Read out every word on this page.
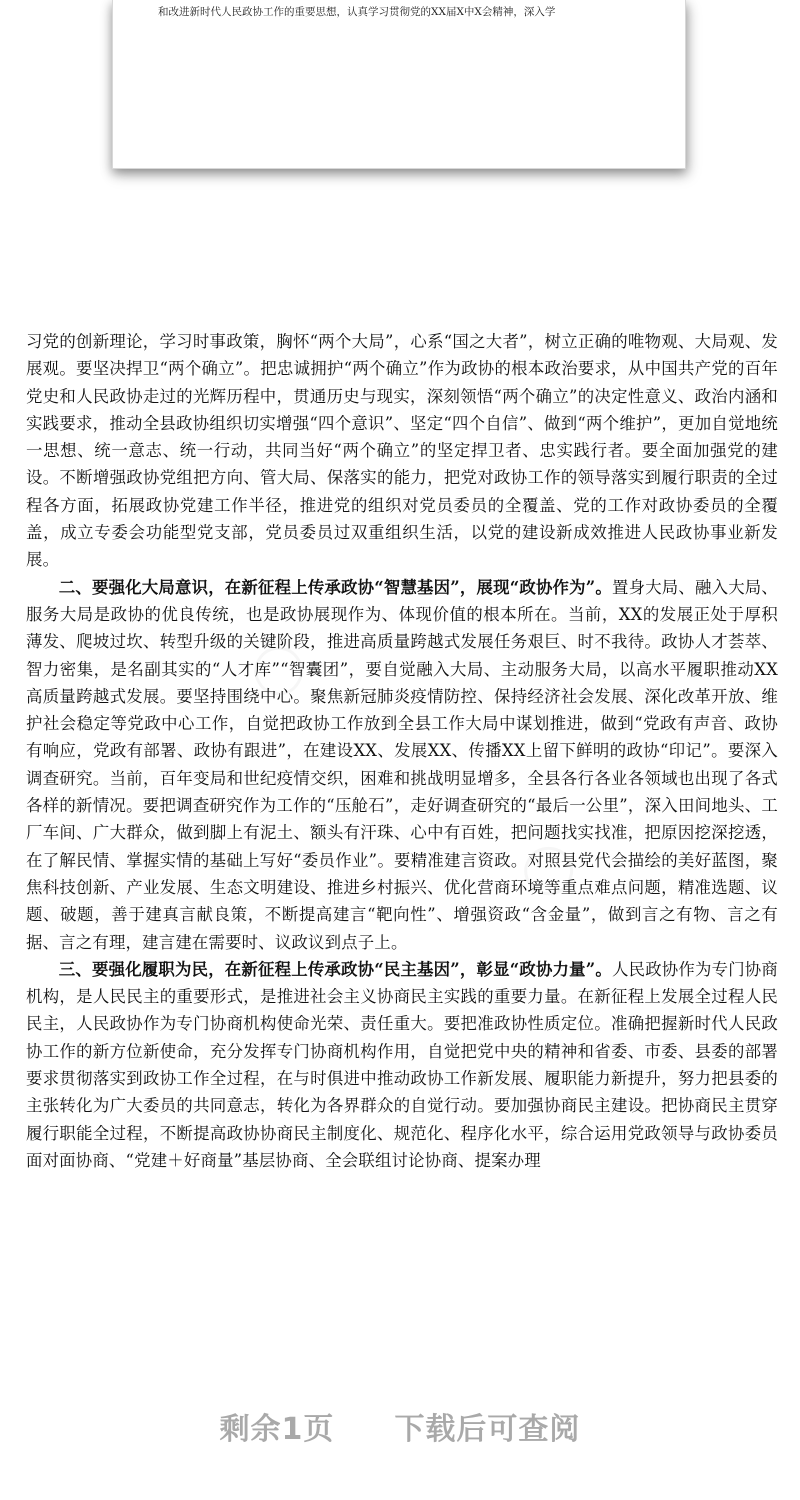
和改进新时代人民政协工作的重要思想，认真学习贯彻党的XX届X中X会精神，深入学

习党的创新理论，学习时事政策，胸怀“两个大局”，心系“国之大者”，树立正确的唯物观、大局观、发展观。要坚决捍卫“两个确立”。把忠诚拥护“两个确立”作为政协的根本政治要求，从中国共产党的百年党史和人民政协走过的光辉历程中，贯通历史与现实，深刻领悟“两个确立”的决定性意义、政治内涵和实践要求，推动全县政协组织切实增强“四个意识”、坚定“四个自信”、做到“两个维护”，更加自觉地统一思想、统一意志、统一行动，共同当好“两个确立”的坚定捍卫者、忠实践行者。要全面加强党的建设。不断增强政协党组把方向、管大局、保落实的能力，把党对政协工作的领导落实到履行职责的全过程各方面，拓展政协党建工作半径，推进党的组织对党员委员的全覆盖、党的工作对政协委员的全覆盖，成立专委会功能型党支部，党员委员过双重组织生活，以党的建设新成效推进人民政协事业新发展。

二、要强化大局意识，在新征程上传承政协“智慧基因”，展现“政协作为”。置身大局、融入大局、服务大局是政协的优良传统，也是政协展现作为、体现价值的根本所在。当前，XX的发展正处于厚积薄发、爬坡过坎、转型升级的关键阶段，推进高质量跨越式发展任务艰巨、时不我待。政协人才荟萃、智力密集，是名副其实的“人才库”“智囊团”，要自觉融入大局、主动服务大局，以高水平履职推动XX高质量跨越式发展。要坚持围绕中心。聚焦新冠肺炎疫情防控、保持经济社会发展、深化改革开放、维护社会稳定等党政中心工作，自觉把政协工作放到全县工作大局中谋划推进，做到“党政有声音、政协有响应，党政有部署、政协有跟进”，在建设XX、发展XX、传播XX上留下鲜明的政协“印记”。要深入调查研究。当前，百年变局和世纪疫情交织，困难和挑战明显增多，全县各行各业各领域也出现了各式各样的新情况。要把调查研究作为工作的“压舱石”，走好调查研究的“最后一公里”，深入田间地头、工厂车间、广大群众，做到脚上有泥土、额头有汗珠、心中有百姓，把问题找实找准，把原因挖深挖透，在了解民情、掌握实情的基础上写好“委员作业”。要精准建言资政。对照县党代会描绘的美好蓝图，聚焦科技创新、产业发展、生态文明建设、推进乡村振兴、优化营商环境等重点难点问题，精准选题、议题、破题，善于建真言献良策，不断提高建言“靶向性”、增强资政“含金量”，做到言之有物、言之有据、言之有理，建言建在需要时、议政议到点子上。

三、要强化履职为民，在新征程上传承政协“民主基因”，彰显“政协力量”。人民政协作为专门协商机构，是人民民主的重要形式，是推进社会主义协商民主实践的重要力量。在新征程上发展全过程人民民主，人民政协作为专门协商机构使命光荣、责任重大。要把准政协性质定位。准确把握新时代人民政协工作的新方位新使命，充分发挥专门协商机构作用，自觉把党中央的精神和省委、市委、县委的部署要求贯彻落实到政协工作全过程，在与时俱进中推动政协工作新发展、履职能力新提升，努力把县委的主张转化为广大委员的共同意志，转化为各界群众的自觉行动。要加强协商民主建设。把协商民主贯穿履行职能全过程，不断提高政协协商民主制度化、规范化、程序化水平，综合运用党政领导与政协委员面对面协商、“党建＋好商量”基层协商、全会联组讨论协商、提案办理

剩余1页 下载后可查阅
